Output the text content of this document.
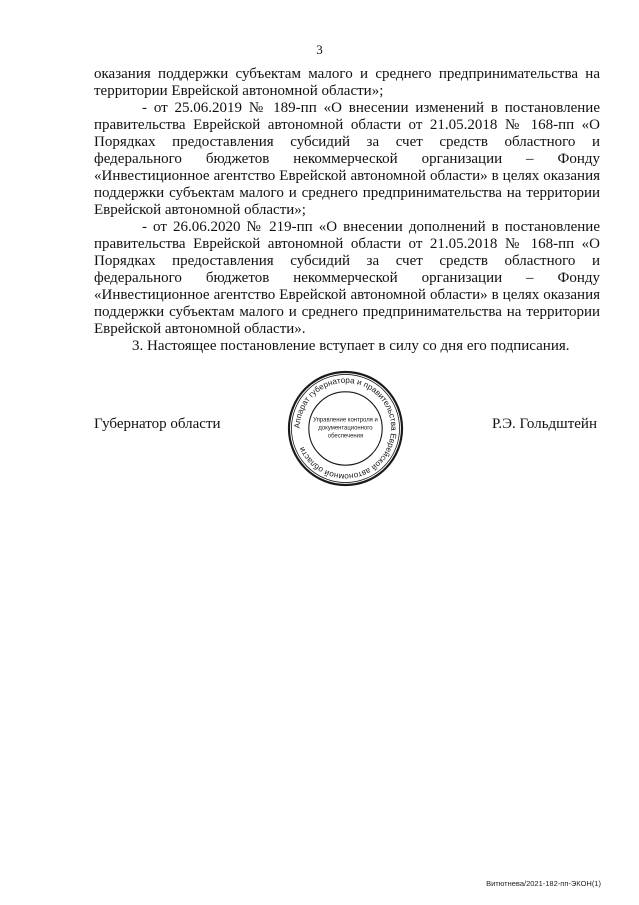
3

оказания поддержки субъектам малого и среднего предпринимательства на территории Еврейской автономной области»;

- от 25.06.2019 № 189-пп «О внесении изменений в постановление правительства Еврейской автономной области от 21.05.2018 № 168-пп «О Порядках предоставления субсидий за счет средств областного и федерального бюджетов некоммерческой организации – Фонду «Инвестиционное агентство Еврейской автономной области» в целях оказания поддержки субъектам малого и среднего предпринимательства на территории Еврейской автономной области»;

- от 26.06.2020 № 219-пп «О внесении дополнений в постановление правительства Еврейской автономной области от 21.05.2018 № 168-пп «О Порядках предоставления субсидий за счет средств областного и федерального бюджетов некоммерческой организации – Фонду «Инвестиционное агентство Еврейской автономной области» в целях оказания поддержки субъектам малого и среднего предпринимательства на территории Еврейской автономной области».

3. Настоящее постановление вступает в силу со дня его подписания.

Губернатор области	Р.Э. Гольдштейн
Аппарат губернатора и правительства Еврейской автономной области
Управление контроля и
документационного
обеспечения
Витютнева/2021-182-пп-ЭКОН(1)
